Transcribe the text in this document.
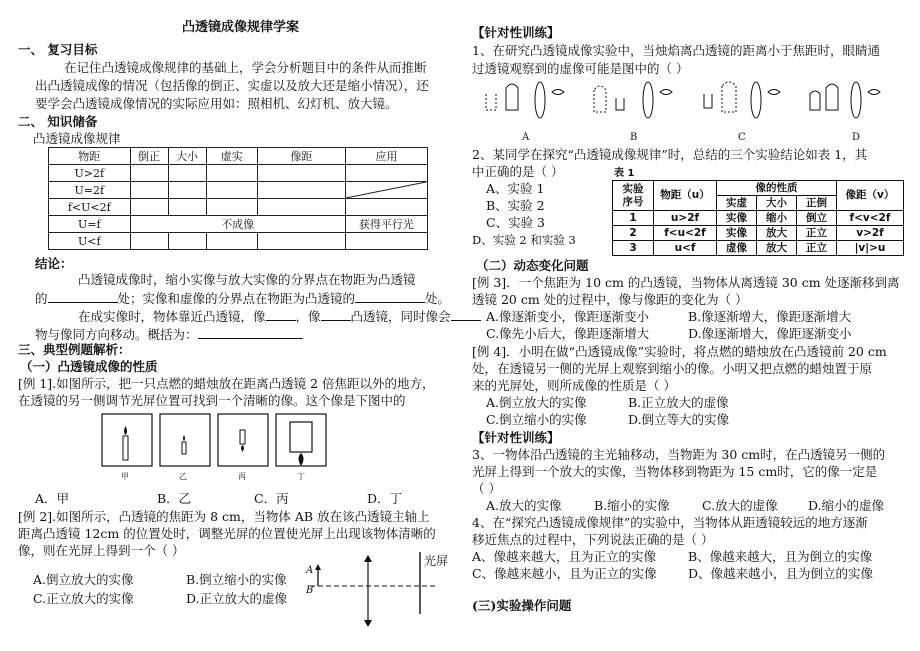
凸透镜成像规律学案
一、 复习目标
在记住凸透镜成像规律的基础上，学会分析题目中的条件从而推断
出凸透镜成像的情况（包括像的倒正、实虚以及放大还是缩小情况），还
要学会凸透镜成像情况的实际应用如：照相机、幻灯机、放大镜。
二、 知识储备
凸透镜成像规律
物距	倒正	大小	虚实	像距	应用
U>2f					
U=2f					

f<U<2f					
U=f	不成像				获得平行光
U<f					
结论：
凸透镜成像时，缩小实像与放大实像的分界点在物距为凸透镜
的	处；实像和虚像的分界点在物距为凸透镜的	处。
在成实像时，物体靠近凸透镜，像 ，像 凸透镜，同时像会
物与像同方向移动。概括为：
三、典型例题解析：
（一）凸透镜成像的性质
[例 1].如图所示，把一只点燃的蜡烛放在距离凸透镜 2 倍焦距以外的地方，
在透镜的另一侧调节光屏位置可找到一个清晰的像。这个像是下图中的
甲	乙	丙	丁
A．甲	B．乙	C．丙	D．丁
[例 2].如图所示，凸透镜的焦距为 8 cm，当物体 AB 放在该凸透镜主轴上
距离凸透镜 12cm 的位置处时，调整光屏的位置使光屏上出现该物体清晰的
像，则在光屏上得到一个（ ）
A.倒立放大的实像	B.倒立缩小的实像
C.正立放大的实像	D.正立放大的虚像
光屏
A
B
【针对性训练】
1、在研究凸透镜成像实验中，当烛焰离凸透镜的距离小于焦距时，眼睛通
过透镜观察到的虚像可能是图中的（ ）
A	B	C	D
2、某同学在探究“凸透镜成像规律”时，总结的三个实验结论如表 1，其
中正确的是（ ）
A、实验 1
B、实验 2
C、实验 3
D、实验 2 和实验 3
表 1
实验
序号	物距（u）	像的性质			像距（v）
		实虚	大小	正倒	
1	u>2f	实像	缩小	倒立	f<v<2f
2	f<u<2f	实像	放大	正立	v>2f
3	u<f	虚像	放大	正立	|v|>u
（二）动态变化问题
[例 3]．一个焦距为 10 cm 的凸透镜，当物体从离透镜 30 cm 处逐渐移到离
透镜 20 cm 处的过程中，像与像距的变化为（ ）
A.像逐渐变小，像距逐渐变小	B.像逐渐增大，像距逐渐增大
C.像先小后大，像距逐渐增大	D.像逐渐增大，像距逐渐变小
[例 4]．小明在做“凸透镜成像”实验时，将点燃的蜡烛放在凸透镜前 20 cm
处，在透镜另一侧的光屏上观察到缩小的像。小明又把点燃的蜡烛置于原
来的光屏处，则所成像的性质是（ ）
A.倒立放大的实像	B.正立放大的虚像
C.倒立缩小的实像	D.倒立等大的实像
【针对性训练】
3、一物体沿凸透镜的主光轴移动，当物距为 30 cm时，在凸透镜另一侧的
光屏上得到一个放大的实像，当物体移到物距为 15 cm时，它的像一定是
（ ）
A.放大的实像	B.缩小的实像	C.放大的虚像 D.缩小的虚像
4、在“探究凸透镜成像规律”的实验中，当物体从距透镜较远的地方逐渐
移近焦点的过程中，下列说法正确的是（ ）
A、像越来越大，且为正立的实像	B、像越来越大，且为倒立的实像
C、像越来越小，且为正立的实像	D、像越来越小，且为倒立的实像
(三)实验操作问题
